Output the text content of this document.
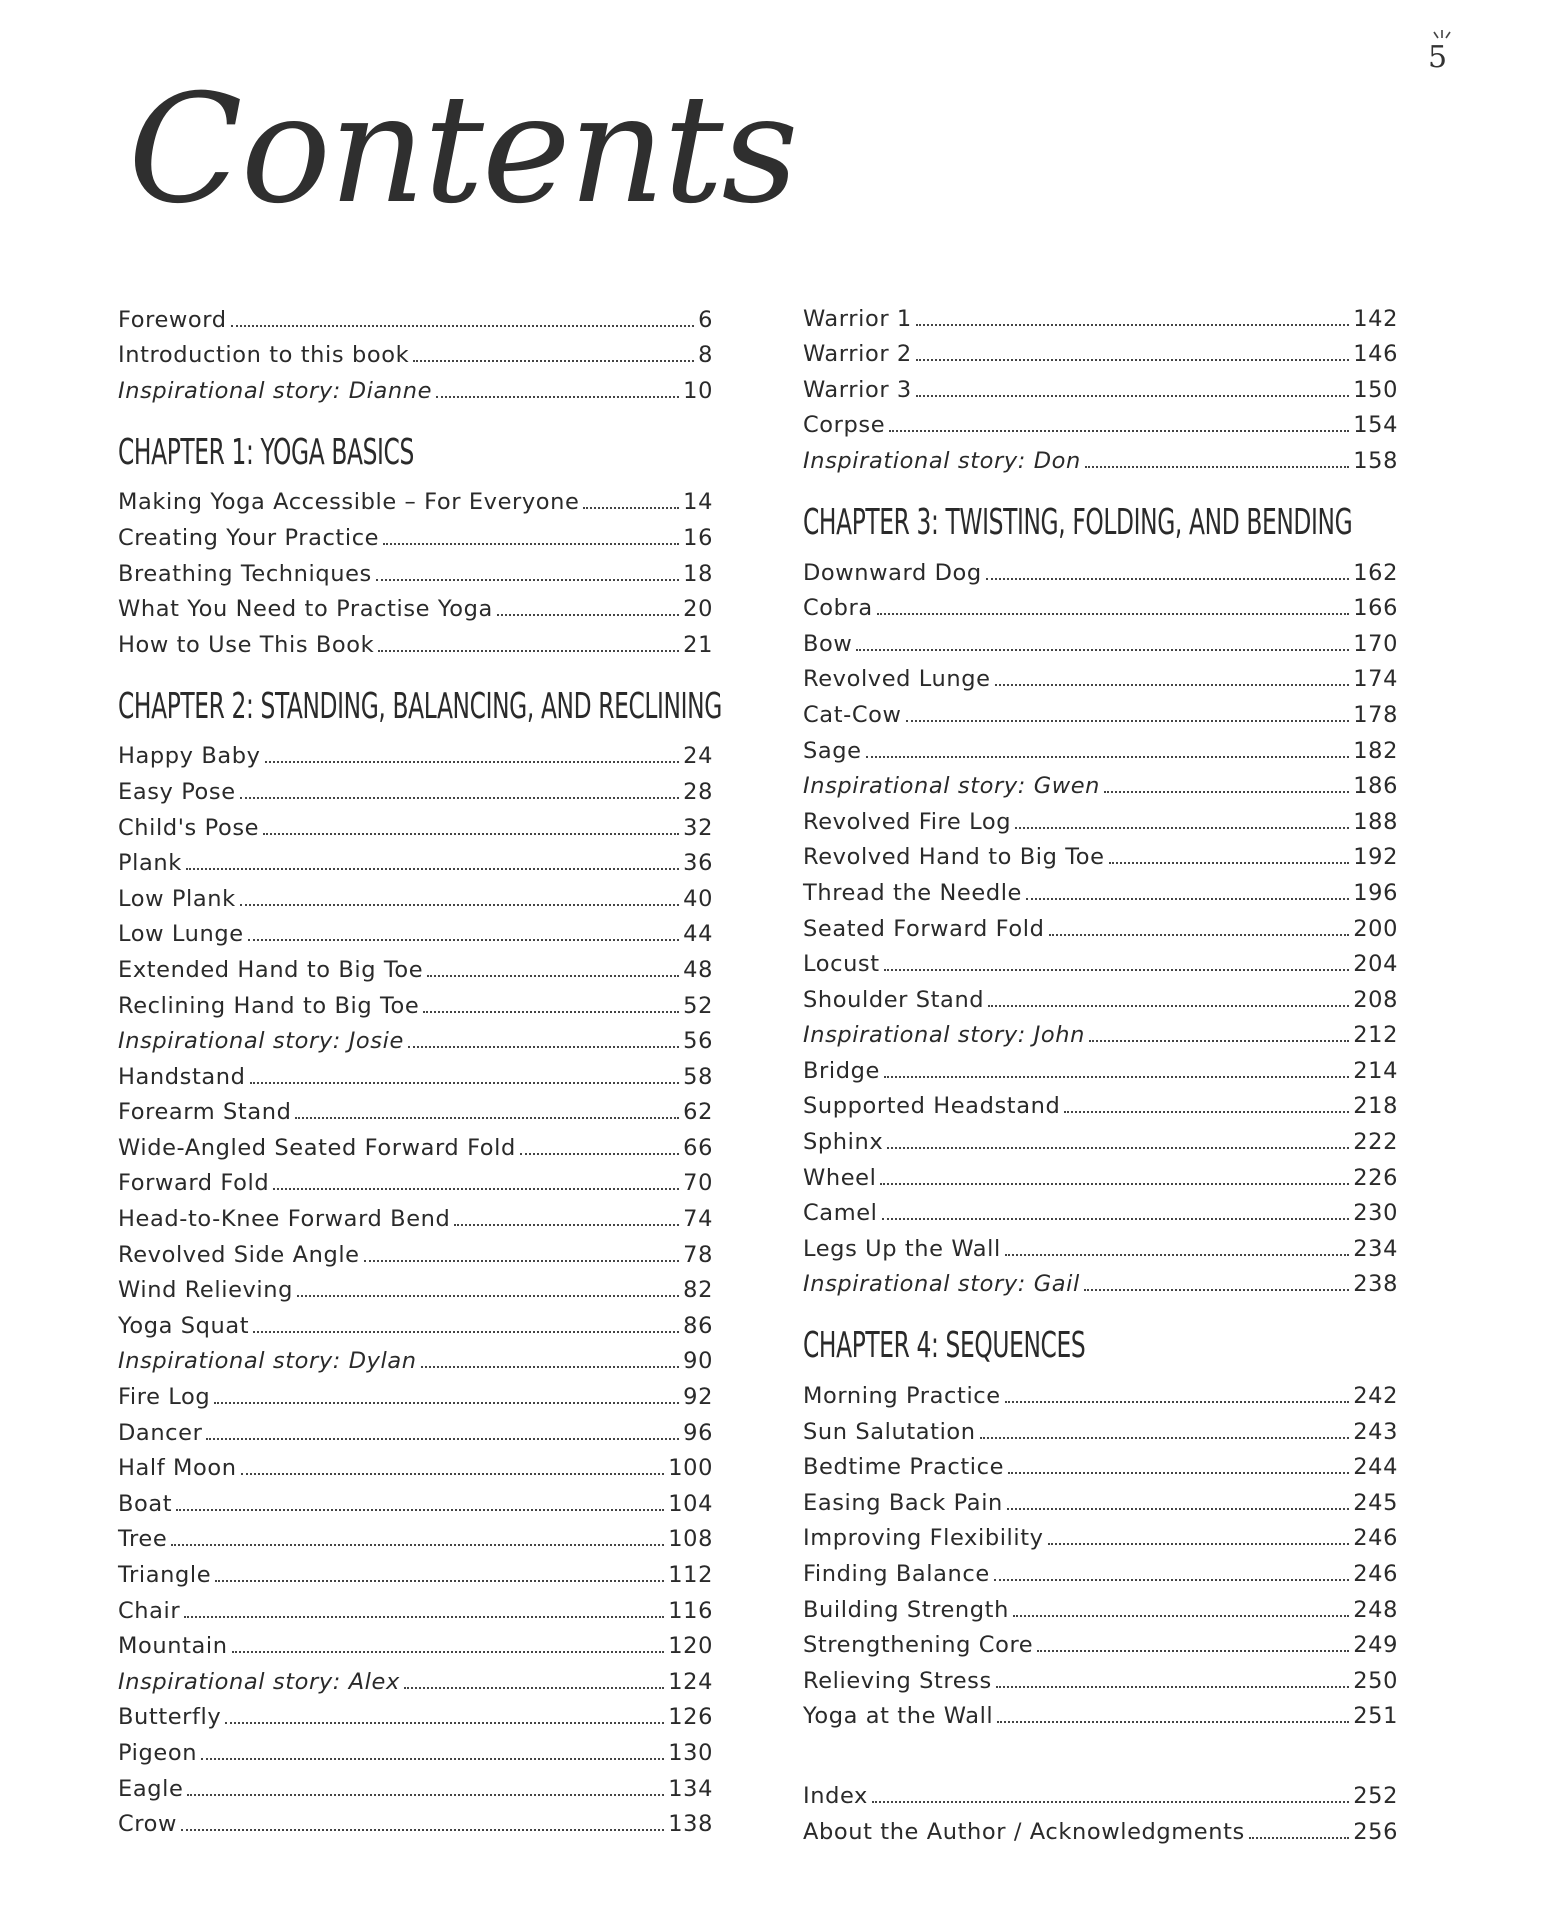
5
Contents
Foreword	6
Introduction to this book	8
Inspirational story: Dianne	10
CHAPTER 1: YOGA BASICS
Making Yoga Accessible – For Everyone	14
Creating Your Practice	16
Breathing Techniques	18
What You Need to Practise Yoga	20
How to Use This Book	21
CHAPTER 2: STANDING, BALANCING, AND RECLINING
Happy Baby	24
Easy Pose	28
Child's Pose	32
Plank	36
Low Plank	40
Low Lunge	44
Extended Hand to Big Toe	48
Reclining Hand to Big Toe	52
Inspirational story: Josie	56
Handstand	58
Forearm Stand	62
Wide-Angled Seated Forward Fold	66
Forward Fold	70
Head-to-Knee Forward Bend	74
Revolved Side Angle	78
Wind Relieving	82
Yoga Squat	86
Inspirational story: Dylan	90
Fire Log	92
Dancer	96
Half Moon	100
Boat	104
Tree	108
Triangle	112
Chair	116
Mountain	120
Inspirational story: Alex	124
Butterfly	126
Pigeon	130
Eagle	134
Crow	138
Warrior 1	142
Warrior 2	146
Warrior 3	150
Corpse	154
Inspirational story: Don	158
CHAPTER 3: TWISTING, FOLDING, AND BENDING
Downward Dog	162
Cobra	166
Bow	170
Revolved Lunge	174
Cat-Cow	178
Sage	182
Inspirational story: Gwen	186
Revolved Fire Log	188
Revolved Hand to Big Toe	192
Thread the Needle	196
Seated Forward Fold	200
Locust	204
Shoulder Stand	208
Inspirational story: John	212
Bridge	214
Supported Headstand	218
Sphinx	222
Wheel	226
Camel	230
Legs Up the Wall	234
Inspirational story: Gail	238
CHAPTER 4: SEQUENCES
Morning Practice	242
Sun Salutation	243
Bedtime Practice	244
Easing Back Pain	245
Improving Flexibility	246
Finding Balance	246
Building Strength	248
Strengthening Core	249
Relieving Stress	250
Yoga at the Wall	251
Index	252
About the Author / Acknowledgments	256
